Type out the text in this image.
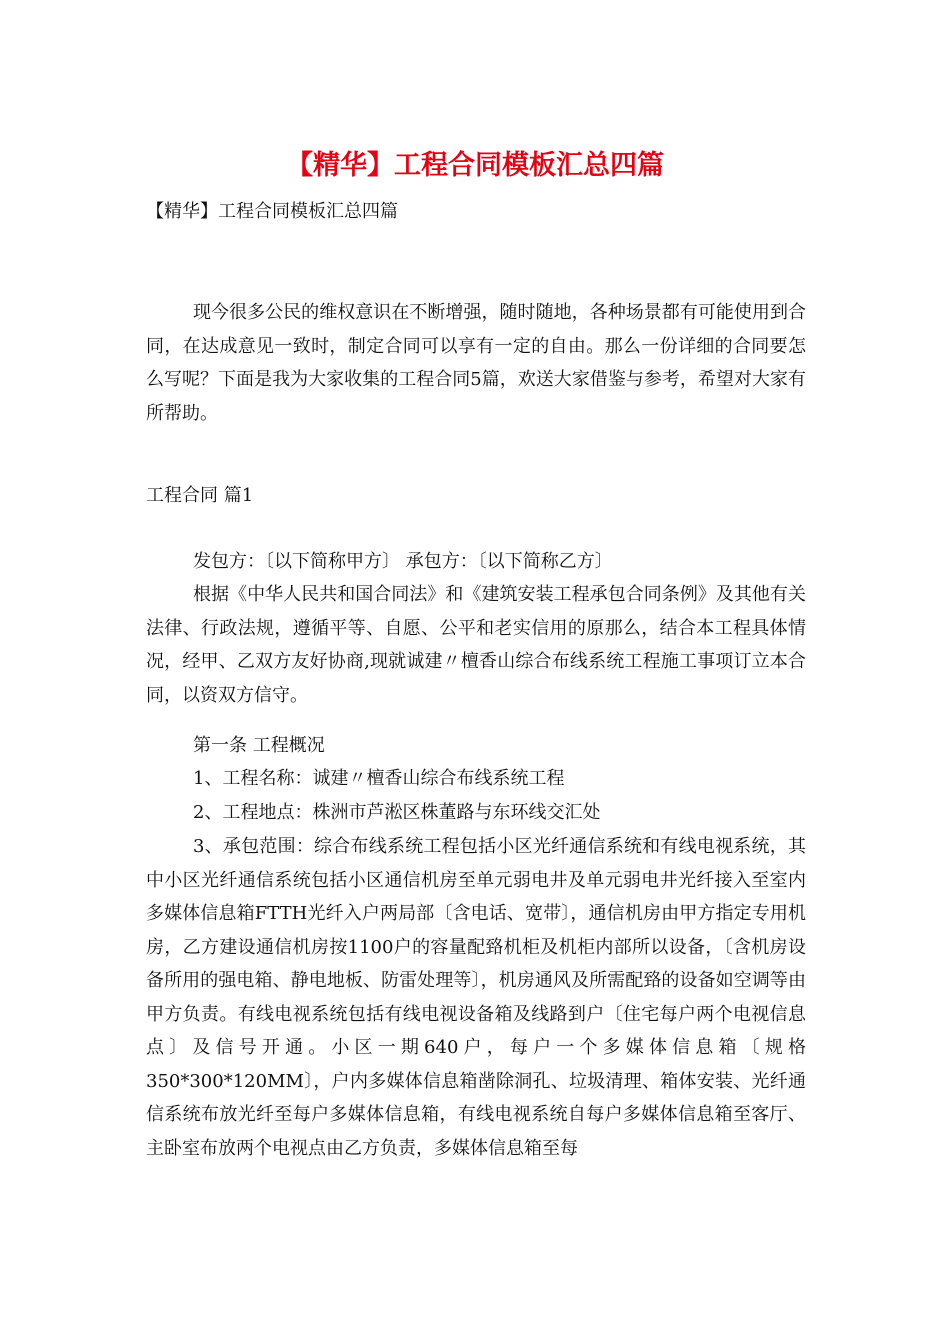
【精华】工程合同模板汇总四篇
【精华】工程合同模板汇总四篇

现今很多公民的维权意识在不断增强，随时随地，各种场景都有可能使用到合同，在达成意见一致时，制定合同可以享有一定的自由。那么一份详细的合同要怎么写呢？下面是我为大家收集的工程合同5篇，欢送大家借鉴与参考，希望对大家有所帮助。

工程合同 篇1

发包方：〔以下简称甲方〕 承包方：〔以下简称乙方〕

根据《中华人民共和国合同法》和《建筑安装工程承包合同条例》及其他有关法律、行政法规，遵循平等、自愿、公平和老实信用的原那么，结合本工程具体情况，经甲、乙双方友好协商,现就诚建〃檀香山综合布线系统工程施工事项订立本合同，以资双方信守。

第一条 工程概况

1、工程名称：诚建〃檀香山综合布线系统工程

2、工程地点：株洲市芦淞区株董路与东环线交汇处

3、承包范围：综合布线系统工程包括小区光纤通信系统和有线电视系统，其中小区光纤通信系统包括小区通信机房至单元弱电井及单元弱电井光纤接入至室内多媒体信息箱FTTH光纤入户两局部〔含电话、宽带〕，通信机房由甲方指定专用机房，乙方建设通信机房按1100户的容量配臵机柜及机柜内部所以设备，〔含机房设备所用的强电箱、静电地板、防雷处理等〕，机房通风及所需配臵的设备如空调等由甲方负责。有线电视系统包括有线电视设备箱及线路到户〔住宅每户两个电视信息点〕及信号开通。小区一期640户，每户一个多媒体信息箱〔规格350*300*120MM〕，户内多媒体信息箱凿除洞孔、垃圾清理、箱体安装、光纤通信系统布放光纤至每户多媒体信息箱，有线电视系统自每户多媒体信息箱至客厅、主卧室布放两个电视点由乙方负责，多媒体信息箱至每
